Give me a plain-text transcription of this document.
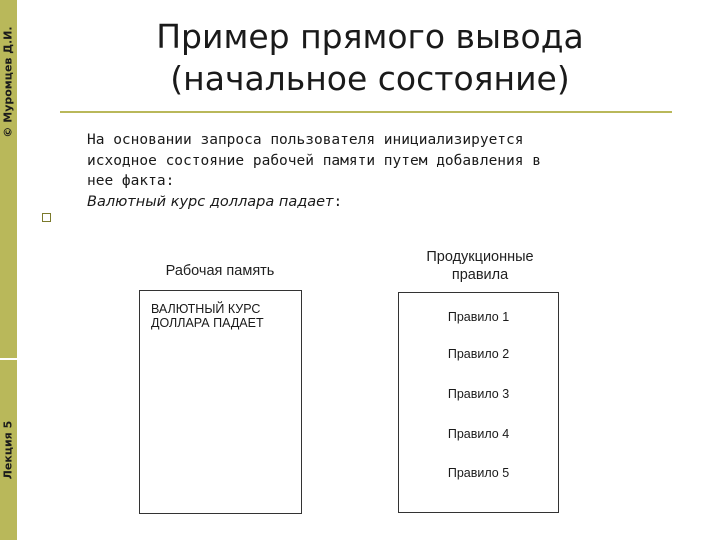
© Муромцев Д.И.
Лекция 5
Пример прямого вывода
(начальное состояние)
На основании запроса пользователя инициализируется
исходное состояние рабочей памяти путем добавления в
нее факта:
Валютный курс доллара падает:
Рабочая память
ВАЛЮТНЫЙ КУРС
ДОЛЛАРА ПАДАЕТ
Продукционные
правила
Правило 1
Правило 2
Правило 3
Правило 4
Правило 5
